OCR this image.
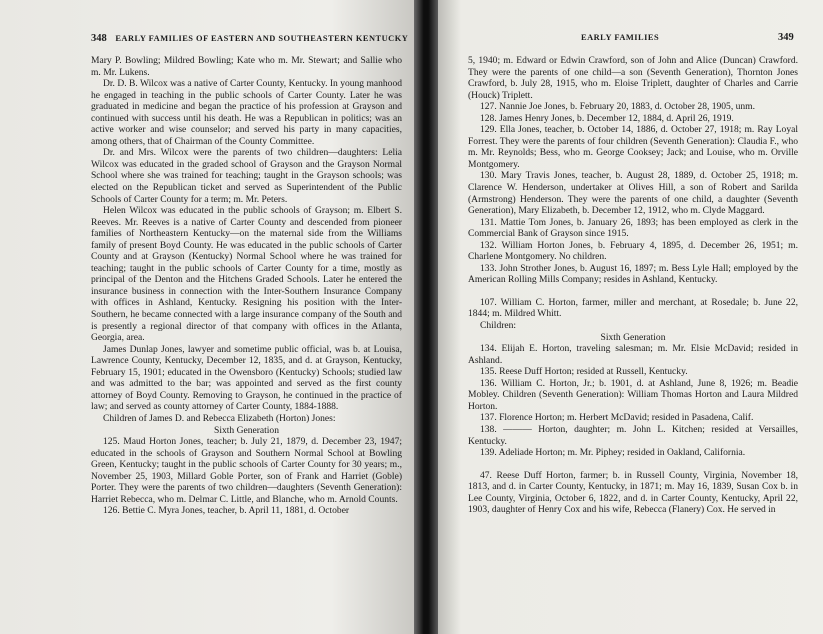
348 EARLY FAMILIES OF EASTERN AND SOUTHEASTERN KENTUCKY

Mary P. Bowling; Mildred Bowling; Kate who m. Mr. Stewart; and Sallie who m. Mr. Lukens.

Dr. D. B. Wilcox was a native of Carter County, Kentucky. In young manhood he engaged in teaching in the public schools of Carter County. Later he was graduated in medicine and began the practice of his profession at Grayson and continued with success until his death. He was a Republican in politics; was an active worker and wise counselor; and served his party in many capacities, among others, that of Chairman of the County Committee.

Dr. and Mrs. Wilcox were the parents of two children—daughters: Lelia Wilcox was educated in the graded school of Grayson and the Grayson Normal School where she was trained for teaching; taught in the Grayson schools; was elected on the Republican ticket and served as Superintendent of the Public Schools of Carter County for a term; m. Mr. Peters.

Helen Wilcox was educated in the public schools of Grayson; m. Elbert S. Reeves. Mr. Reeves is a native of Carter County and descended from pioneer families of Northeastern Kentucky—on the maternal side from the Williams family of present Boyd County. He was educated in the public schools of Carter County and at Grayson (Kentucky) Normal School where he was trained for teaching; taught in the public schools of Carter County for a time, mostly as principal of the Denton and the Hitchens Graded Schools. Later he entered the insurance business in connection with the Inter-Southern Insurance Company with offices in Ashland, Kentucky. Resigning his position with the Inter-Southern, he became connected with a large insurance company of the South and is presently a regional director of that company with offices in the Atlanta, Georgia, area.

James Dunlap Jones, lawyer and sometime public official, was b. at Louisa, Lawrence County, Kentucky, December 12, 1835, and d. at Grayson, Kentucky, February 15, 1901; educated in the Owensboro (Kentucky) Schools; studied law and was admitted to the bar; was appointed and served as the first county attorney of Boyd County. Removing to Grayson, he continued in the practice of law; and served as county attorney of Carter County, 1884-1888.

Children of James D. and Rebecca Elizabeth (Horton) Jones:

Sixth Generation

125. Maud Horton Jones, teacher; b. July 21, 1879, d. December 23, 1947; educated in the schools of Grayson and Southern Normal School at Bowling Green, Kentucky; taught in the public schools of Carter County for 30 years; m., November 25, 1903, Millard Goble Porter, son of Frank and Harriet (Goble) Porter. They were the parents of two children—daughters (Seventh Generation): Harriet Rebecca, who m. Delmar C. Little, and Blanche, who m. Arnold Counts.

126. Bettie C. Myra Jones, teacher, b. April 11, 1881, d. October

EARLY FAMILIES	349

5, 1940; m. Edward or Edwin Crawford, son of John and Alice (Duncan) Crawford. They were the parents of one child—a son (Seventh Generation), Thornton Jones Crawford, b. July 28, 1915, who m. Eloise Triplett, daughter of Charles and Carrie (Houck) Triplett.

127. Nannie Joe Jones, b. February 20, 1883, d. October 28, 1905, unm.

128. James Henry Jones, b. December 12, 1884, d. April 26, 1919.

129. Ella Jones, teacher, b. October 14, 1886, d. October 27, 1918; m. Ray Loyal Forrest. They were the parents of four children (Seventh Generation): Claudia F., who m. Mr. Reynolds; Bess, who m. George Cooksey; Jack; and Louise, who m. Orville Montgomery.

130. Mary Travis Jones, teacher, b. August 28, 1889, d. October 25, 1918; m. Clarence W. Henderson, undertaker at Olives Hill, a son of Robert and Sarilda (Armstrong) Henderson. They were the parents of one child, a daughter (Seventh Generation), Mary Elizabeth, b. December 12, 1912, who m. Clyde Maggard.

131. Mattie Tom Jones, b. January 26, 1893; has been employed as clerk in the Commercial Bank of Grayson since 1915.

132. William Horton Jones, b. February 4, 1895, d. December 26, 1951; m. Charlene Montgomery. No children.

133. John Strother Jones, b. August 16, 1897; m. Bess Lyle Hall; employed by the American Rolling Mills Company; resides in Ashland, Kentucky.

107. William C. Horton, farmer, miller and merchant, at Rosedale; b. June 22, 1844; m. Mildred Whitt.

Children:

Sixth Generation

134. Elijah E. Horton, traveling salesman; m. Mr. Elsie McDavid; resided in Ashland.

135. Reese Duff Horton; resided at Russell, Kentucky.

136. William C. Horton, Jr.; b. 1901, d. at Ashland, June 8, 1926; m. Beadie Mobley. Children (Seventh Generation): William Thomas Horton and Laura Mildred Horton.

137. Florence Horton; m. Herbert McDavid; resided in Pasadena, Calif.

138. ——— Horton, daughter; m. John L. Kitchen; resided at Versailles, Kentucky.

139. Adeliade Horton; m. Mr. Piphey; resided in Oakland, California.

47. Reese Duff Horton, farmer; b. in Russell County, Virginia, November 18, 1813, and d. in Carter County, Kentucky, in 1871; m. May 16, 1839, Susan Cox b. in Lee County, Virginia, October 6, 1822, and d. in Carter County, Kentucky, April 22, 1903, daughter of Henry Cox and his wife, Rebecca (Flanery) Cox. He served in
